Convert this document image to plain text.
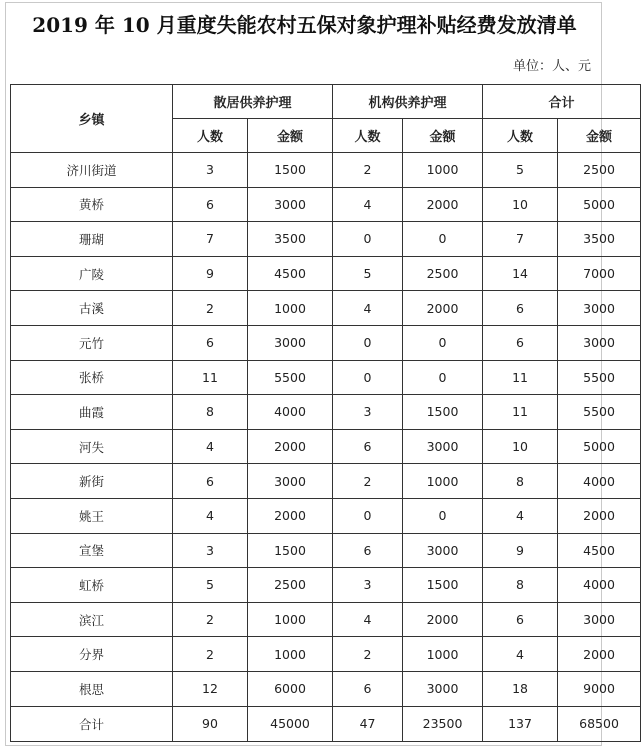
2019 年 10 月重度失能农村五保对象护理补贴经费发放清单
单位：人、元
乡镇	散居供养护理		机构供养护理		合计	
	人数	金额	人数	金额	人数	金额
济川街道	3	1500	2	1000	5	2500
黄桥	6	3000	4	2000	10	5000
珊瑚	7	3500	0	0	7	3500
广陵	9	4500	5	2500	14	7000
古溪	2	1000	4	2000	6	3000
元竹	6	3000	0	0	6	3000
张桥	11	5500	0	0	11	5500
曲霞	8	4000	3	1500	11	5500
河失	4	2000	6	3000	10	5000
新街	6	3000	2	1000	8	4000
姚王	4	2000	0	0	4	2000
宣堡	3	1500	6	3000	9	4500
虹桥	5	2500	3	1500	8	4000
滨江	2	1000	4	2000	6	3000
分界	2	1000	2	1000	4	2000
根思	12	6000	6	3000	18	9000
合计	90	45000	47	23500	137	68500
